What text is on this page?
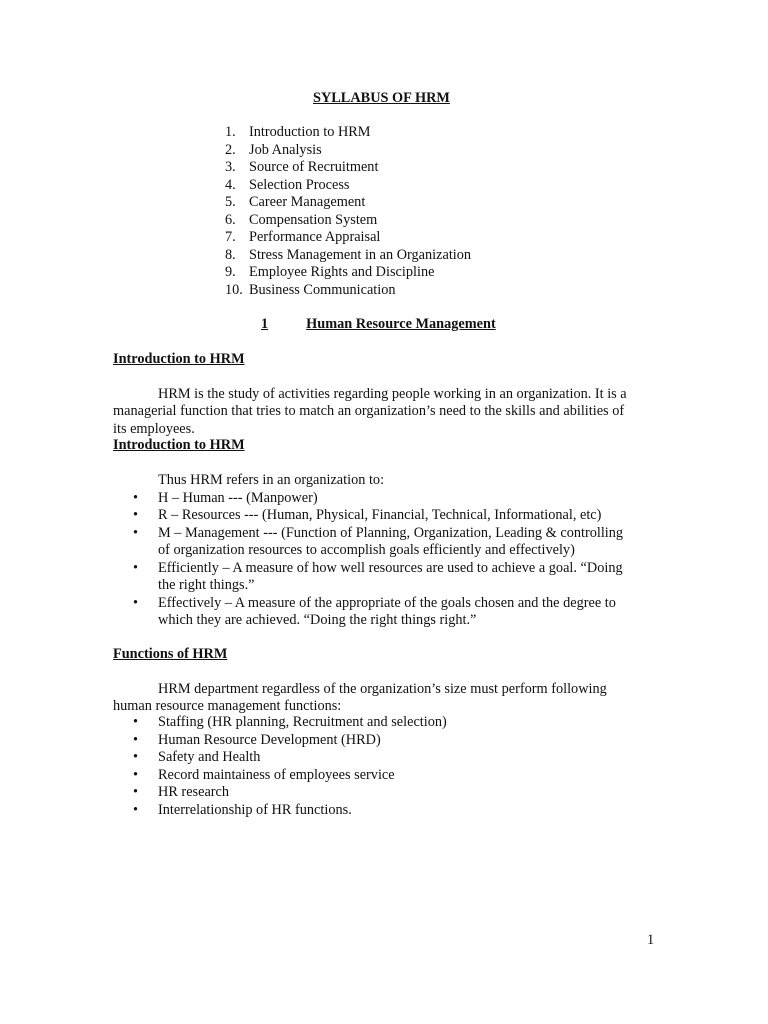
SYLLABUS OF HRM
1. Introduction to HRM
2. Job Analysis
3. Source of Recruitment
4. Selection Process
5. Career Management
6. Compensation System
7. Performance Appraisal
8. Stress Management in an Organization
9. Employee Rights and Discipline
10. Business Communication
1	Human Resource Management
Introduction to HRM
HRM is the study of activities regarding people working in an organization. It is a
managerial function that tries to match an organization’s need to the skills and abilities of
its employees.
Introduction to HRM
Thus HRM refers in an organization to:
• H – Human --- (Manpower)
• R – Resources --- (Human, Physical, Financial, Technical, Informational, etc)
• M – Management --- (Function of Planning, Organization, Leading & controlling
of organization resources to accomplish goals efficiently and effectively)
• Efficiently – A measure of how well resources are used to achieve a goal. “Doing
the right things.”
• Effectively – A measure of the appropriate of the goals chosen and the degree to
which they are achieved. “Doing the right things right.”
Functions of HRM
HRM department regardless of the organization’s size must perform following
human resource management functions:
• Staffing (HR planning, Recruitment and selection)
• Human Resource Development (HRD)
• Safety and Health
• Record maintainess of employees service
• HR research
• Interrelationship of HR functions.
1
